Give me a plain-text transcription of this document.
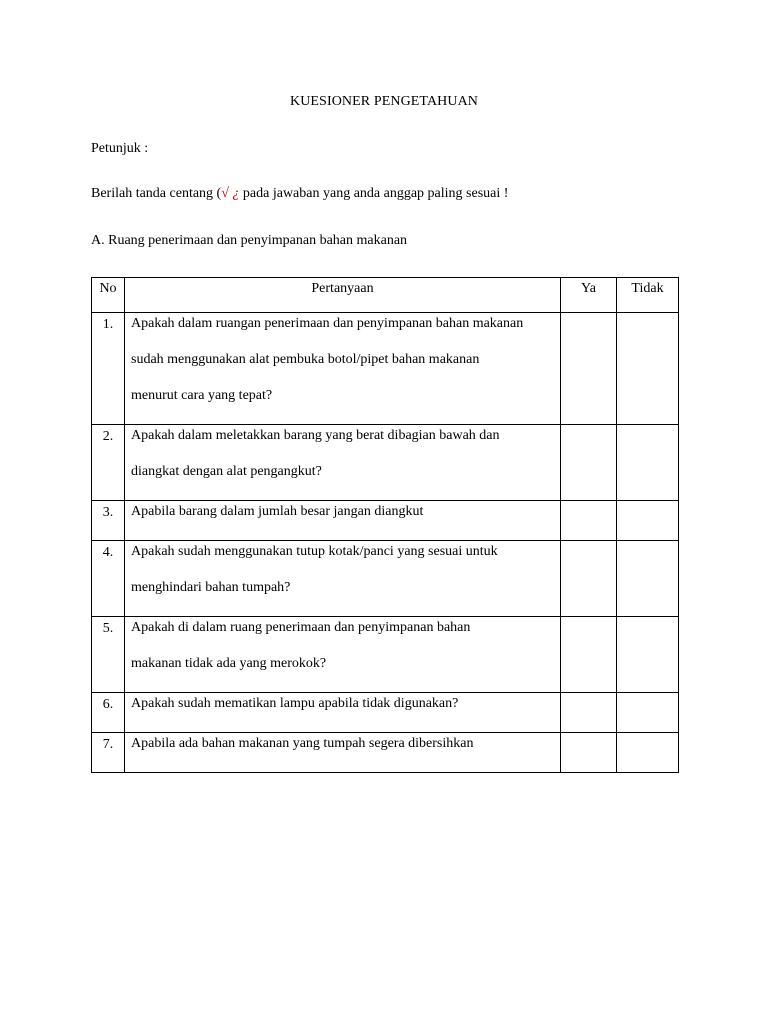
KUESIONER PENGETAHUAN
Petunjuk :
Berilah tanda centang (√ ¿ pada jawaban yang anda anggap paling sesuai !
A. Ruang penerimaan dan penyimpanan bahan makanan
No	Pertanyaan	Ya	Tidak
1.	Apakah dalam ruangan penerimaan dan penyimpanan bahan makanan
sudah menggunakan alat pembuka botol/pipet bahan makanan
menurut cara yang tepat?		

2.	Apakah dalam meletakkan barang yang berat dibagian bawah dan
diangkat dengan alat pengangkut?		

3.	Apabila barang dalam jumlah besar jangan diangkut		

4.	Apakah sudah menggunakan tutup kotak/panci yang sesuai untuk
menghindari bahan tumpah?		

5.	Apakah di dalam ruang penerimaan dan penyimpanan bahan
makanan tidak ada yang merokok?		

6.	Apakah sudah mematikan lampu apabila tidak digunakan?		

7.	Apabila ada bahan makanan yang tumpah segera dibersihkan		
